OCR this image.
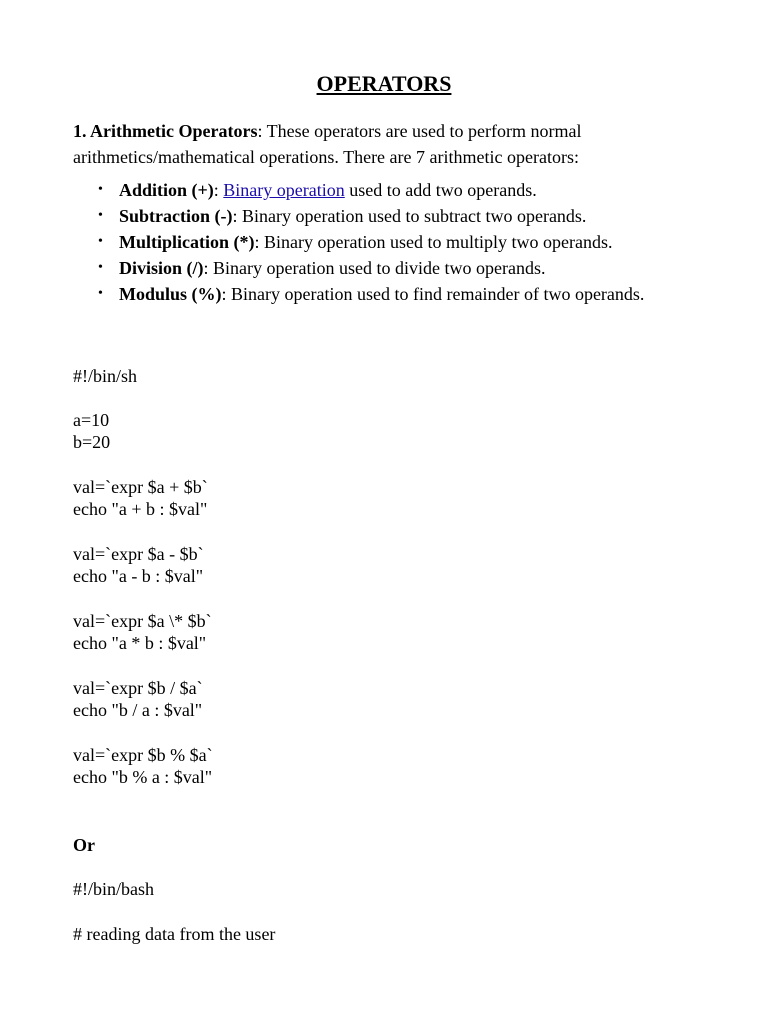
OPERATORS
1. Arithmetic Operators: These operators are used to perform normal arithmetics/mathematical operations. There are 7 arithmetic operators:
• Addition (+): Binary operation used to add two operands.
• Subtraction (-): Binary operation used to subtract two operands.
• Multiplication (*): Binary operation used to multiply two operands.
• Division (/): Binary operation used to divide two operands.
• Modulus (%): Binary operation used to find remainder of two operands.
#!/bin/sh
a=10
b=20
val=`expr $a + $b`
echo "a + b : $val"
val=`expr $a - $b`
echo "a - b : $val"
val=`expr $a \* $b`
echo "a * b : $val"
val=`expr $b / $a`
echo "b / a : $val"
val=`expr $b % $a`
echo "b % a : $val"
Or
#!/bin/bash
# reading data from the user
